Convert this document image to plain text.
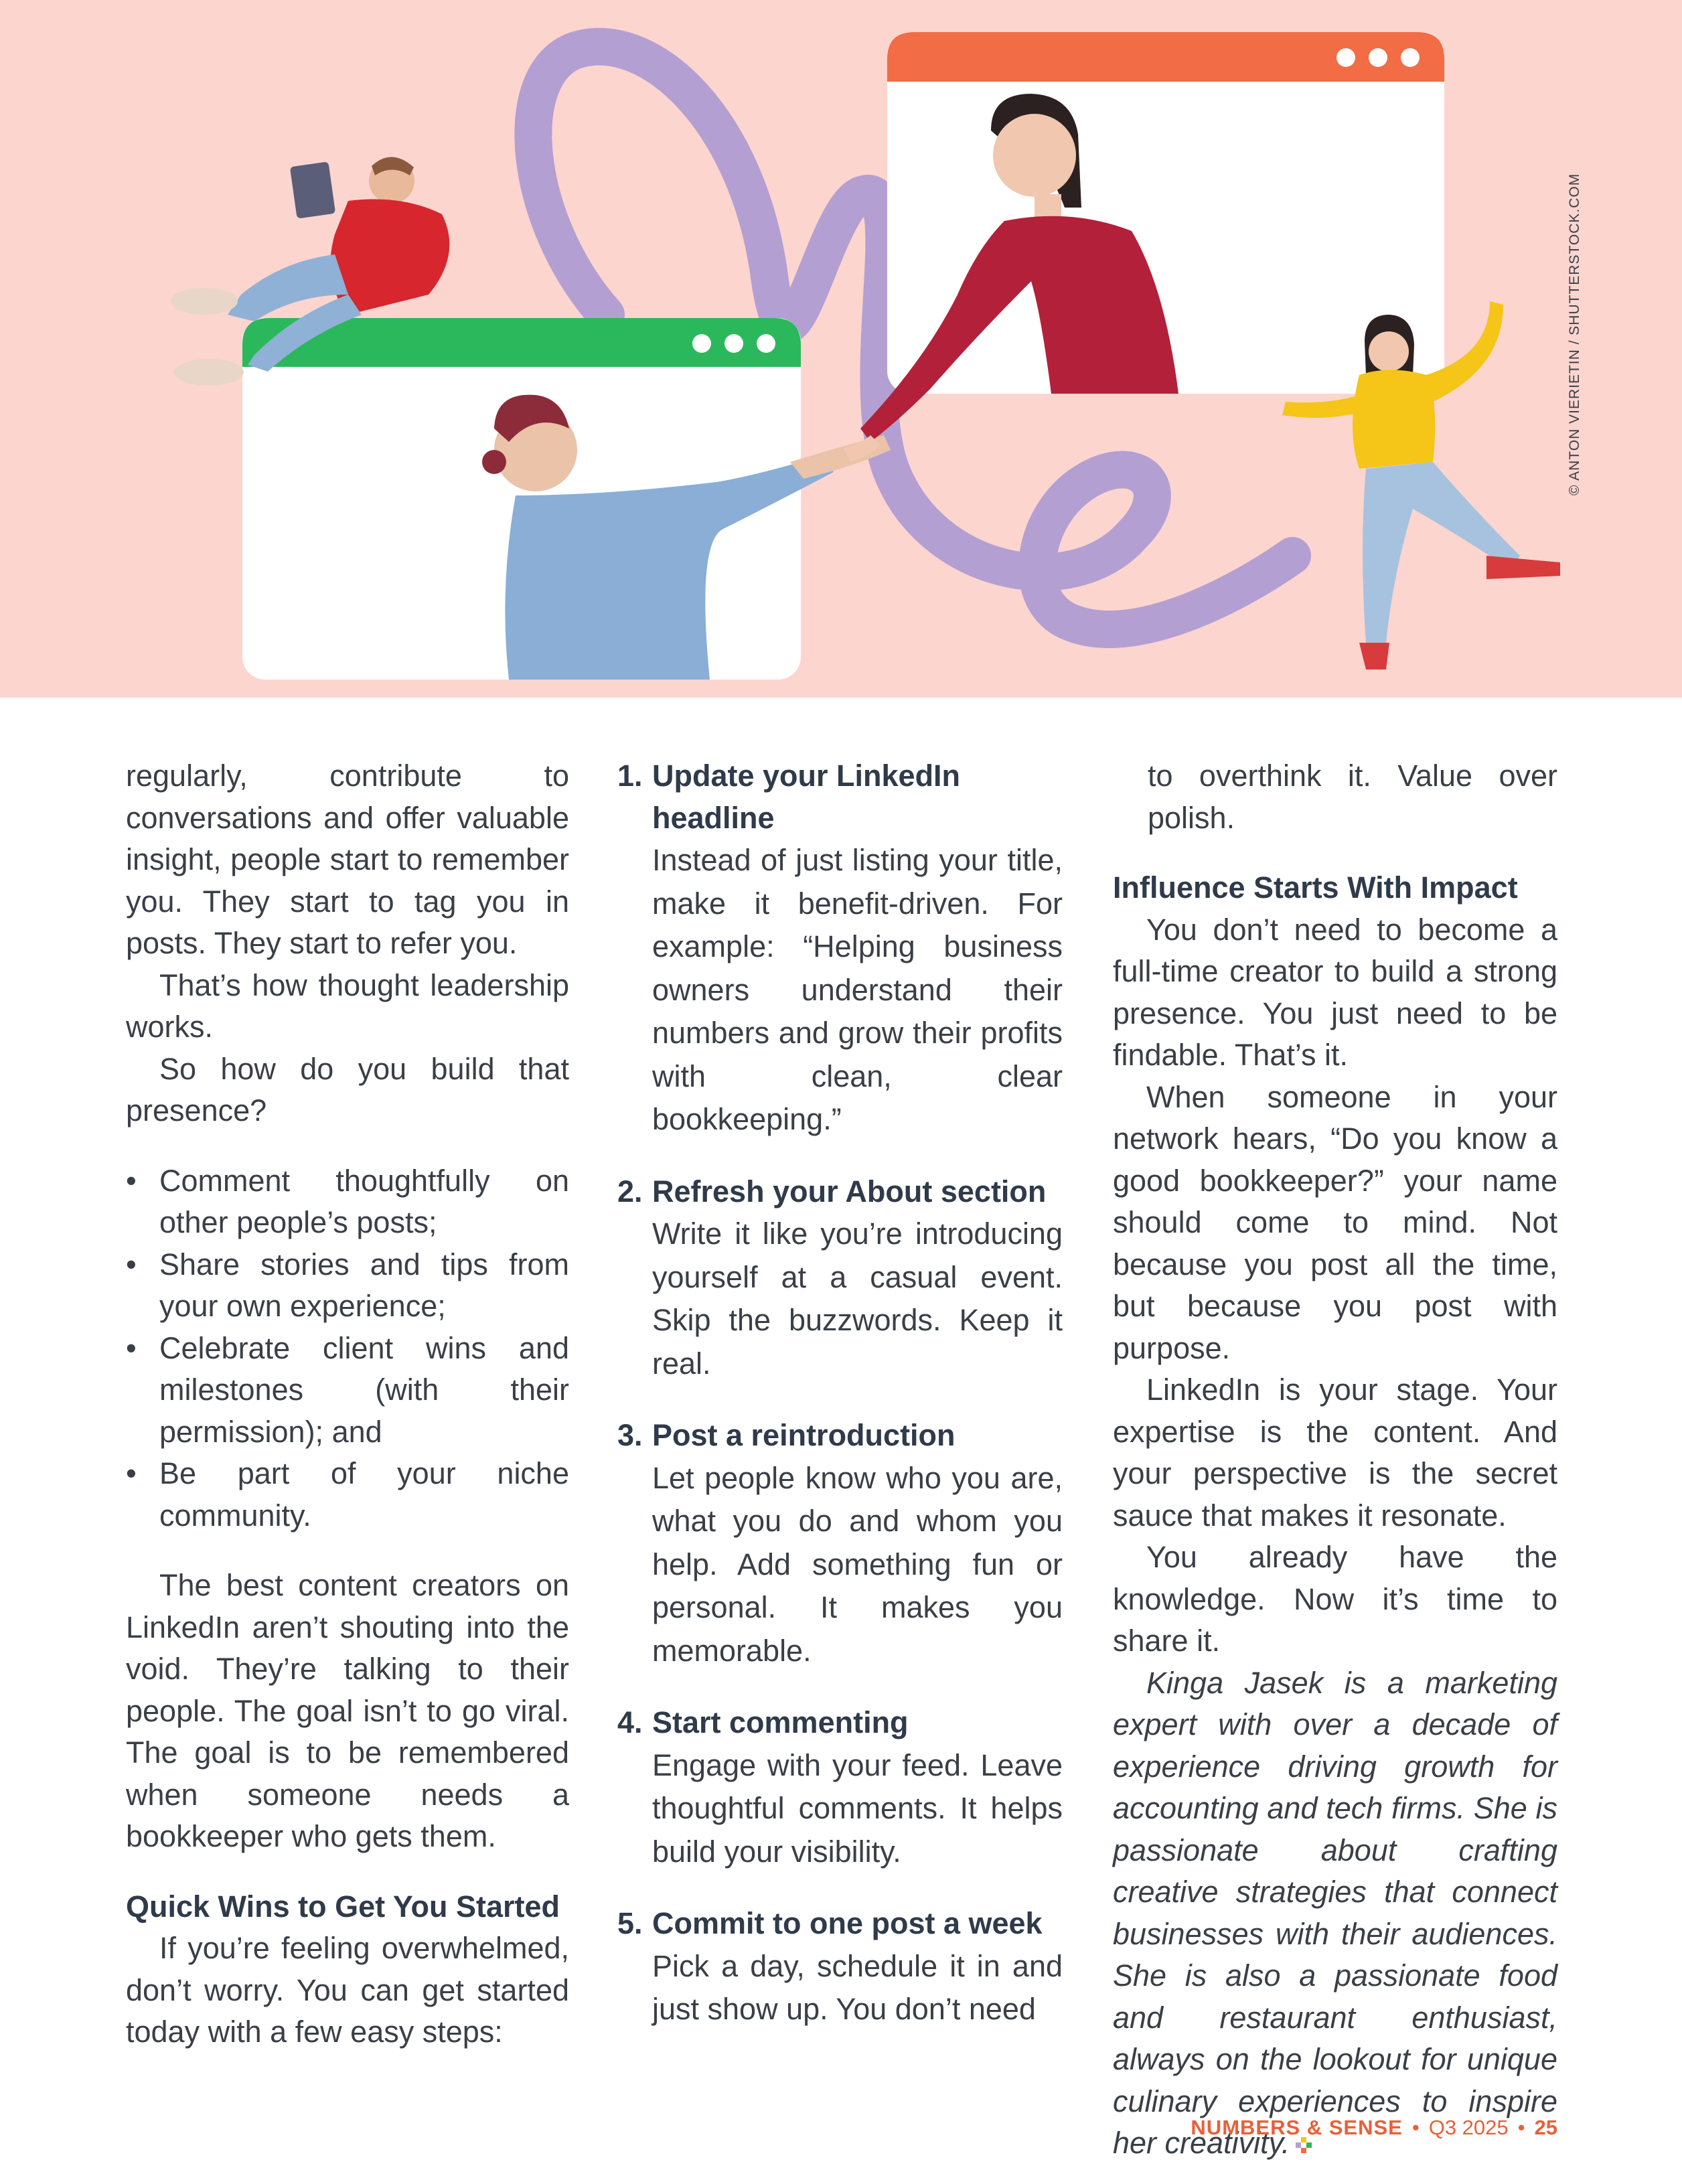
© ANTON VIERIETIN / SHUTTERSTOCK.COM

regularly, contribute to conversations and offer valuable insight, people start to remember you. They start to tag you in posts. They start to refer you.

That’s how thought leadership works.

So how do you build that presence?

• Comment thoughtfully on other people’s posts;
• Share stories and tips from your own experience;
• Celebrate client wins and milestones (with their permission); and
• Be part of your niche community.

The best content creators on LinkedIn aren’t shouting into the void. They’re talking to their people. The goal isn’t to go viral. The goal is to be remembered when someone needs a bookkeeper who gets them.

Quick Wins to Get You Started

If you’re feeling overwhelmed, don’t worry. You can get started today with a few easy steps:

1. Update your LinkedIn headline
Instead of just listing your title, make it benefit-driven. For example: “Helping business owners understand their numbers and grow their profits with clean, clear bookkeeping.”
2. Refresh your About section
Write it like you’re introducing yourself at a casual event. Skip the buzzwords. Keep it real.
3. Post a reintroduction
Let people know who you are, what you do and whom you help. Add something fun or personal. It makes you memorable.
4. Start commenting
Engage with your feed. Leave thoughtful comments. It helps build your visibility.
5. Commit to one post a week
Pick a day, schedule it in and just show up. You don’t need

to overthink it. Value over polish.

Influence Starts With Impact

You don’t need to become a full-time creator to build a strong presence. You just need to be findable. That’s it.

When someone in your network hears, “Do you know a good bookkeeper?” your name should come to mind. Not because you post all the time, but because you post with purpose.

LinkedIn is your stage. Your expertise is the content. And your perspective is the secret sauce that makes it resonate.

You already have the knowledge. Now it’s time to share it.

Kinga Jasek is a marketing expert with over a decade of experience driving growth for accounting and tech firms. She is passionate about crafting creative strategies that connect businesses with their audiences. She is also a passionate food and restaurant enthusiast, always on the lookout for unique culinary experiences to inspire her creativity.

NUMBERS & SENSE • Q3 2025 • 25
